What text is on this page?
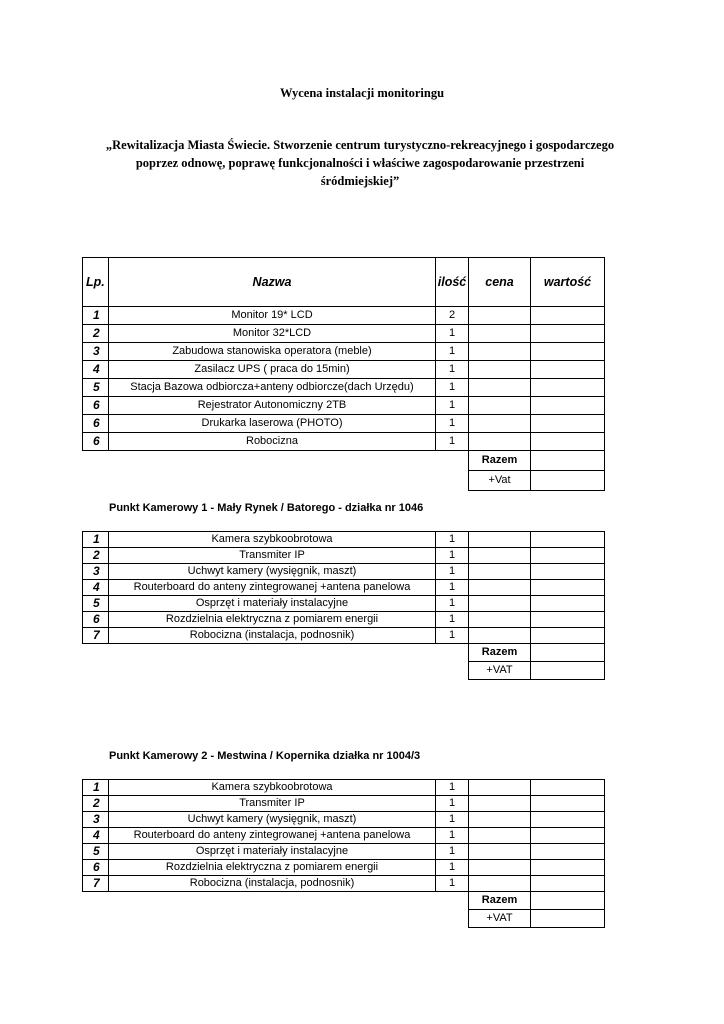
Wycena instalacji monitoringu
„Rewitalizacja Miasta Świecie. Stworzenie centrum turystyczno-rekreacyjnego i gospodarczego poprzez odnowę, poprawę funkcjonalności i właściwe zagospodarowanie przestrzeni śródmiejskiej”
Lp.	Nazwa	ilość	cena	wartość
1	Monitor 19* LCD	2		
2	Monitor 32*LCD	1		
3	Zabudowa stanowiska operatora (meble)	1		
4	Zasilacz UPS ( praca do 15min)	1		
5	Stacja Bazowa odbiorcza+anteny odbiorcze(dach Urzędu)	1		
6	Rejestrator Autonomiczny 2TB	1		
6	Drukarka laserowa (PHOTO)	1		
6	Robocizna	1		
			Razem	
			+Vat	
Punkt Kamerowy 1 - Mały Rynek / Batorego - działka nr 1046
1	Kamera szybkoobrotowa	1		
2	Transmiter IP	1		
3	Uchwyt kamery (wysięgnik, maszt)	1		
4	Routerboard do anteny zintegrowanej +antena panelowa	1		
5	Osprzęt i materiały instalacyjne	1		
6	Rozdzielnia elektryczna z pomiarem energii	1		
7	Robocizna (instalacja, podnosnik)	1		
			Razem	
			+VAT	
Punkt Kamerowy 2 - Mestwina / Kopernika działka nr 1004/3
1	Kamera szybkoobrotowa	1		
2	Transmiter IP	1		
3	Uchwyt kamery (wysięgnik, maszt)	1		
4	Routerboard do anteny zintegrowanej +antena panelowa	1		
5	Osprzęt i materiały instalacyjne	1		
6	Rozdzielnia elektryczna z pomiarem energii	1		
7	Robocizna (instalacja, podnosnik)	1		
			Razem	
			+VAT	
